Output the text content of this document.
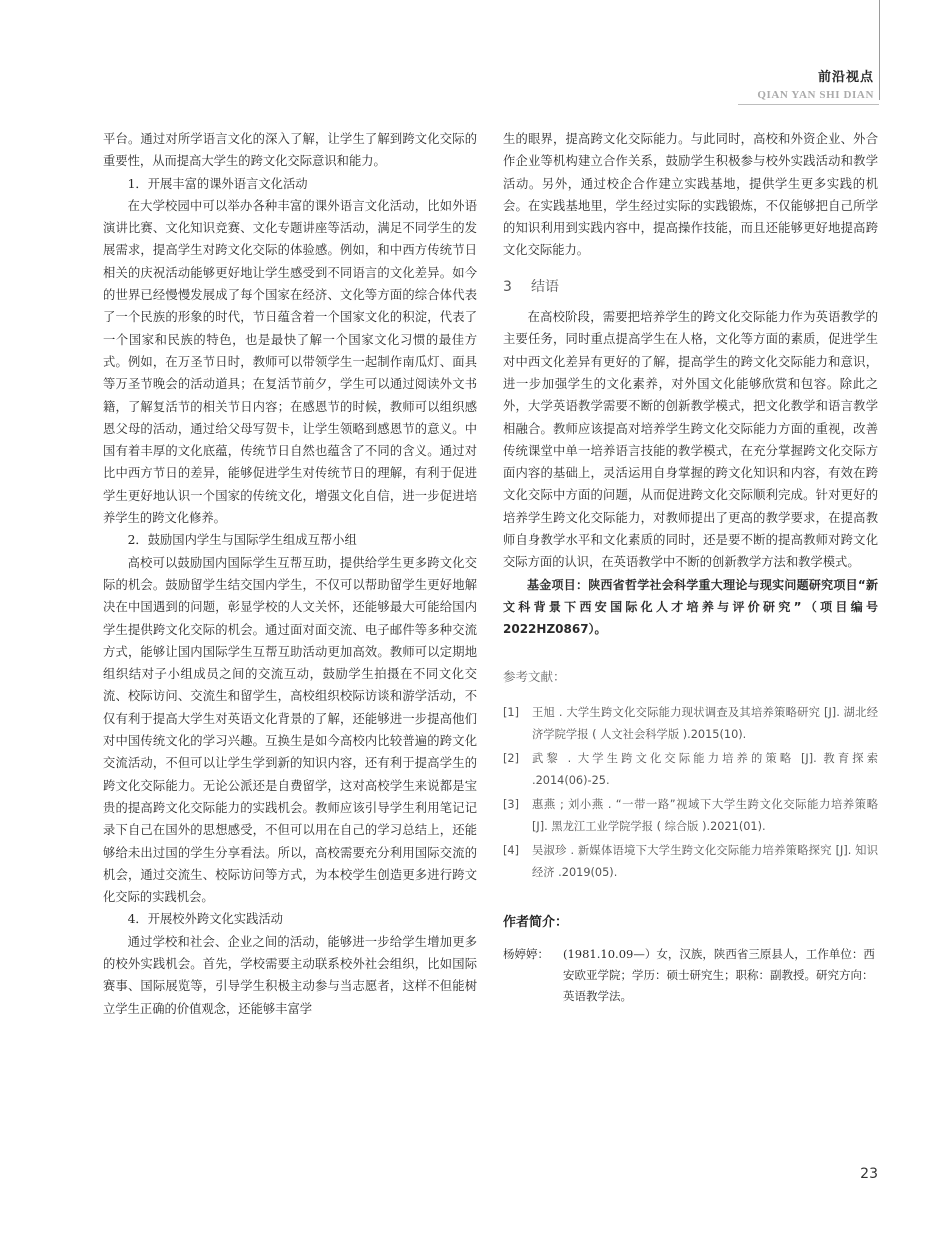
前沿视点
QIAN YAN SHI DIAN

平台。通过对所学语言文化的深入了解，让学生了解到跨文化交际的重要性，从而提高大学生的跨文化交际意识和能力。

1．开展丰富的课外语言文化活动

在大学校园中可以举办各种丰富的课外语言文化活动，比如外语演讲比赛、文化知识竞赛、文化专题讲座等活动，满足不同学生的发展需求，提高学生对跨文化交际的体验感。例如，和中西方传统节日相关的庆祝活动能够更好地让学生感受到不同语言的文化差异。如今的世界已经慢慢发展成了每个国家在经济、文化等方面的综合体代表了一个民族的形象的时代，节日蕴含着一个国家文化的积淀，代表了一个国家和民族的特色，也是最快了解一个国家文化习惯的最佳方式。例如，在万圣节日时，教师可以带领学生一起制作南瓜灯、面具等万圣节晚会的活动道具；在复活节前夕，学生可以通过阅读外文书籍，了解复活节的相关节日内容；在感恩节的时候，教师可以组织感恩父母的活动，通过给父母写贺卡，让学生领略到感恩节的意义。中国有着丰厚的文化底蕴，传统节日自然也蕴含了不同的含义。通过对比中西方节日的差异，能够促进学生对传统节日的理解，有利于促进学生更好地认识一个国家的传统文化，增强文化自信，进一步促进培养学生的跨文化修养。

2．鼓励国内学生与国际学生组成互帮小组

高校可以鼓励国内国际学生互帮互助，提供给学生更多跨文化交际的机会。鼓励留学生结交国内学生，不仅可以帮助留学生更好地解决在中国遇到的问题，彰显学校的人文关怀，还能够最大可能给国内学生提供跨文化交际的机会。通过面对面交流、电子邮件等多种交流方式，能够让国内国际学生互帮互助活动更加高效。教师可以定期地组织结对子小组成员之间的交流互动，鼓励学生拍摄在不同文化交流、校际访问、交流生和留学生，高校组织校际访谈和游学活动，不仅有利于提高大学生对英语文化背景的了解，还能够进一步提高他们对中国传统文化的学习兴趣。互换生是如今高校内比较普遍的跨文化交流活动，不但可以让学生学到新的知识内容，还有利于提高学生的跨文化交际能力。无论公派还是自费留学，这对高校学生来说都是宝贵的提高跨文化交际能力的实践机会。教师应该引导学生利用笔记记录下自己在国外的思想感受，不但可以用在自己的学习总结上，还能够给未出过国的学生分享看法。所以，高校需要充分利用国际交流的机会，通过交流生、校际访问等方式，为本校学生创造更多进行跨文化交际的实践机会。

4．开展校外跨文化实践活动

通过学校和社会、企业之间的活动，能够进一步给学生增加更多的校外实践机会。首先，学校需要主动联系校外社会组织，比如国际赛事、国际展览等，引导学生积极主动参与当志愿者，这样不但能树立学生正确的价值观念，还能够丰富学

生的眼界，提高跨文化交际能力。与此同时，高校和外资企业、外合作企业等机构建立合作关系，鼓励学生积极参与校外实践活动和教学活动。另外，通过校企合作建立实践基地，提供学生更多实践的机会。在实践基地里，学生经过实际的实践锻炼，不仅能够把自己所学的知识利用到实践内容中，提高操作技能，而且还能够更好地提高跨文化交际能力。

3 结语

在高校阶段，需要把培养学生的跨文化交际能力作为英语教学的主要任务，同时重点提高学生在人格，文化等方面的素质，促进学生对中西文化差异有更好的了解，提高学生的跨文化交际能力和意识，进一步加强学生的文化素养，对外国文化能够欣赏和包容。除此之外，大学英语教学需要不断的创新教学模式，把文化教学和语言教学相融合。教师应该提高对培养学生跨文化交际能力方面的重视，改善传统课堂中单一培养语言技能的教学模式，在充分掌握跨文化交际方面内容的基础上，灵活运用自身掌握的跨文化知识和内容，有效在跨文化交际中方面的问题，从而促进跨文化交际顺利完成。针对更好的培养学生跨文化交际能力，对教师提出了更高的教学要求，在提高教师自身教学水平和文化素质的同时，还是要不断的提高教师对跨文化交际方面的认识，在英语教学中不断的创新教学方法和教学模式。

基金项目：陕西省哲学社会科学重大理论与现实问题研究项目“新文科背景下西安国际化人才培养与评价研究”（项目编号 2022HZ0867）。

参考文献：
[1]	王旭 . 大学生跨文化交际能力现状调查及其培养策略研究 [J]. 湖北经济学院学报 ( 人文社会科学版 ).2015(10).
[2]	武黎 . 大学生跨文化交际能力培养的策略 [J]. 教育探索 .2014(06)-25.
[3]	惠燕 ; 刘小燕 . “一带一路”视域下大学生跨文化交际能力培养策略 [J]. 黑龙江工业学院学报 ( 综合版 ).2021(01).
[4]	吴淑珍 . 新媒体语境下大学生跨文化交际能力培养策略探究 [J]. 知识经济 .2019(05).
作者简介：
杨婷婷：	(1981.10.09—）女，汉族，陕西省三原县人，工作单位：西安欧亚学院；学历：硕士研究生；职称：副教授。研究方向：英语教学法。
23
